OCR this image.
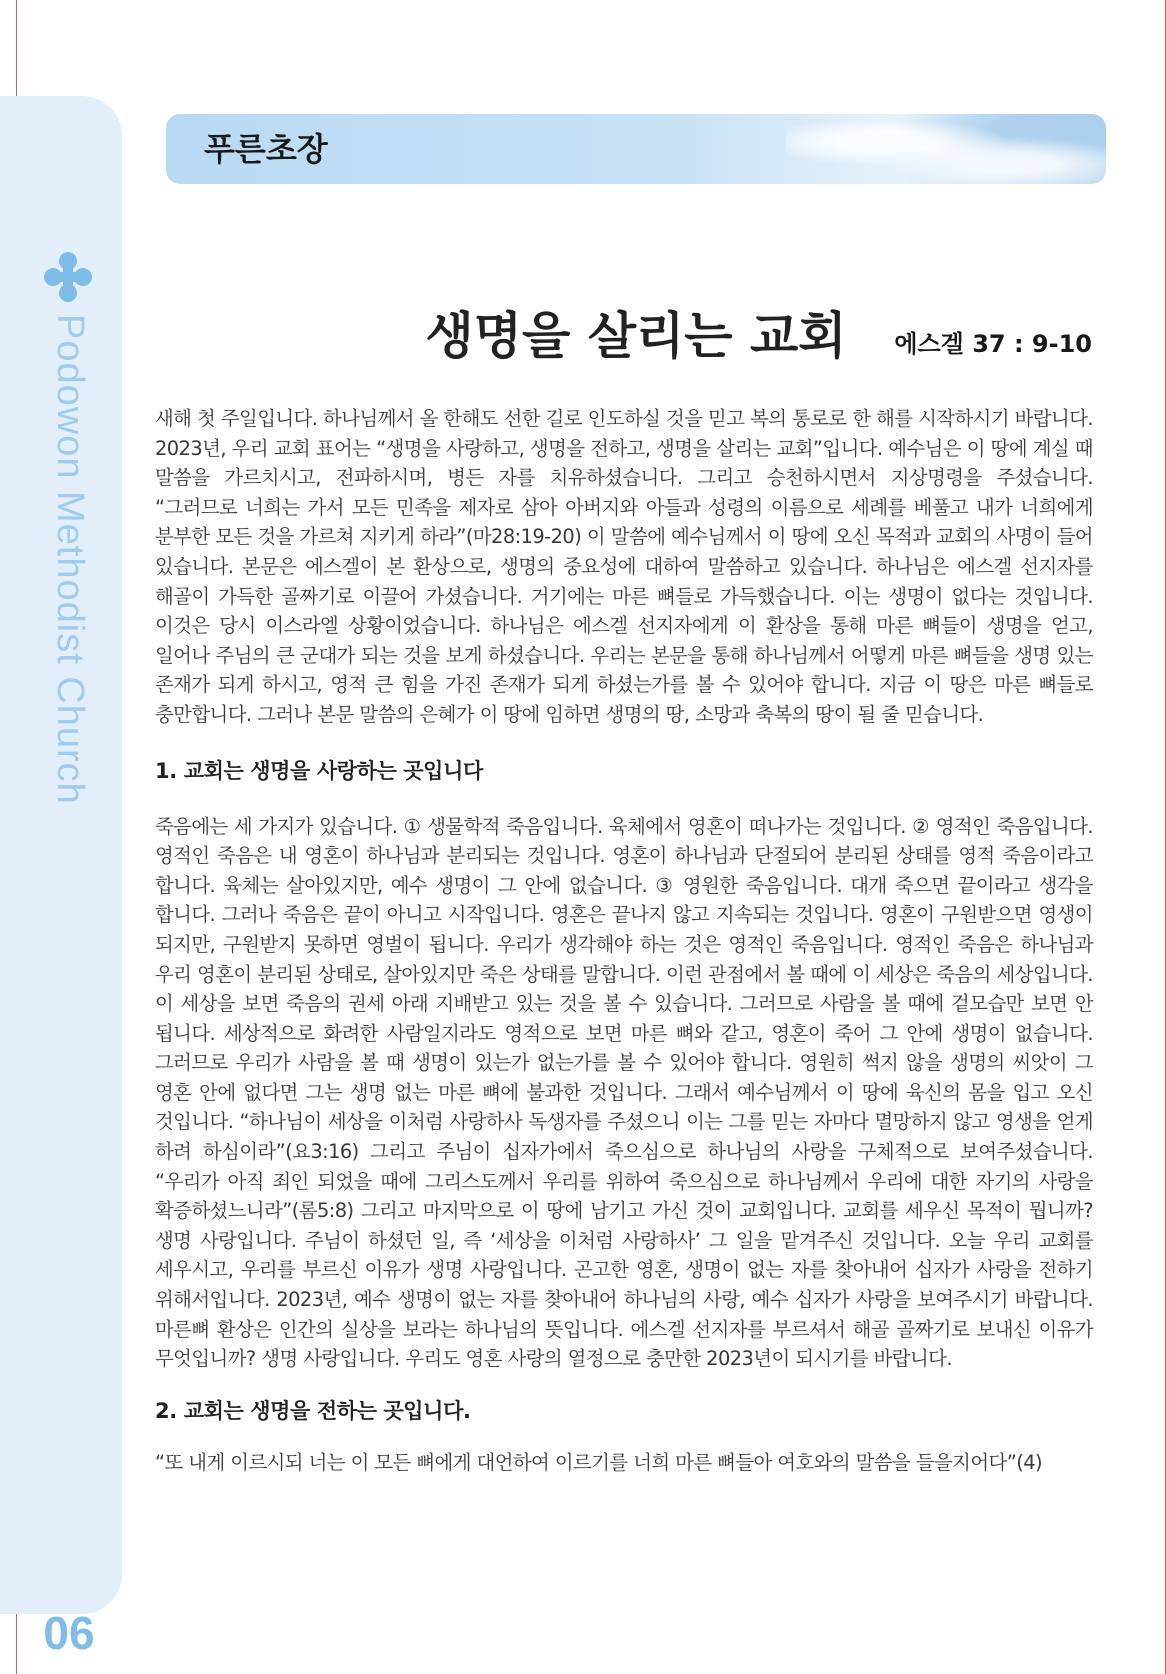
Podowon Methodist Church
06
푸른초장
생명을 살리는 교회	에스겔 37 : 9-10

새해 첫 주일입니다. 하나님께서 올 한해도 선한 길로 인도하실 것을 믿고 복의 통로로 한 해를 시작하시기 바랍니다. 2023년, 우리 교회 표어는 “생명을 사랑하고, 생명을 전하고, 생명을 살리는 교회”입니다. 예수님은 이 땅에 계실 때 말씀을 가르치시고, 전파하시며, 병든 자를 치유하셨습니다. 그리고 승천하시면서 지상명령을 주셨습니다. “그러므로 너희는 가서 모든 민족을 제자로 삼아 아버지와 아들과 성령의 이름으로 세례를 베풀고 내가 너희에게 분부한 모든 것을 가르쳐 지키게 하라”(마28:19-20) 이 말씀에 예수님께서 이 땅에 오신 목적과 교회의 사명이 들어 있습니다. 본문은 에스겔이 본 환상으로, 생명의 중요성에 대하여 말씀하고 있습니다. 하나님은 에스겔 선지자를 해골이 가득한 골짜기로 이끌어 가셨습니다. 거기에는 마른 뼈들로 가득했습니다. 이는 생명이 없다는 것입니다. 이것은 당시 이스라엘 상황이었습니다. 하나님은 에스겔 선지자에게 이 환상을 통해 마른 뼈들이 생명을 얻고, 일어나 주님의 큰 군대가 되는 것을 보게 하셨습니다. 우리는 본문을 통해 하나님께서 어떻게 마른 뼈들을 생명 있는 존재가 되게 하시고, 영적 큰 힘을 가진 존재가 되게 하셨는가를 볼 수 있어야 합니다. 지금 이 땅은 마른 뼈들로 충만합니다. 그러나 본문 말씀의 은혜가 이 땅에 임하면 생명의 땅, 소망과 축복의 땅이 될 줄 믿습니다.

1. 교회는 생명을 사랑하는 곳입니다

죽음에는 세 가지가 있습니다. ① 생물학적 죽음입니다. 육체에서 영혼이 떠나가는 것입니다. ② 영적인 죽음입니다. 영적인 죽음은 내 영혼이 하나님과 분리되는 것입니다. 영혼이 하나님과 단절되어 분리된 상태를 영적 죽음이라고 합니다. 육체는 살아있지만, 예수 생명이 그 안에 없습니다. ③ 영원한 죽음입니다. 대개 죽으면 끝이라고 생각을 합니다. 그러나 죽음은 끝이 아니고 시작입니다. 영혼은 끝나지 않고 지속되는 것입니다. 영혼이 구원받으면 영생이 되지만, 구원받지 못하면 영벌이 됩니다. 우리가 생각해야 하는 것은 영적인 죽음입니다. 영적인 죽음은 하나님과 우리 영혼이 분리된 상태로, 살아있지만 죽은 상태를 말합니다. 이런 관점에서 볼 때에 이 세상은 죽음의 세상입니다. 이 세상을 보면 죽음의 권세 아래 지배받고 있는 것을 볼 수 있습니다. 그러므로 사람을 볼 때에 겉모습만 보면 안 됩니다. 세상적으로 화려한 사람일지라도 영적으로 보면 마른 뼈와 같고, 영혼이 죽어 그 안에 생명이 없습니다. 그러므로 우리가 사람을 볼 때 생명이 있는가 없는가를 볼 수 있어야 합니다. 영원히 썩지 않을 생명의 씨앗이 그 영혼 안에 없다면 그는 생명 없는 마른 뼈에 불과한 것입니다. 그래서 예수님께서 이 땅에 육신의 몸을 입고 오신 것입니다. “하나님이 세상을 이처럼 사랑하사 독생자를 주셨으니 이는 그를 믿는 자마다 멸망하지 않고 영생을 얻게 하려 하심이라”(요3:16) 그리고 주님이 십자가에서 죽으심으로 하나님의 사랑을 구체적으로 보여주셨습니다. “우리가 아직 죄인 되었을 때에 그리스도께서 우리를 위하여 죽으심으로 하나님께서 우리에 대한 자기의 사랑을 확증하셨느니라”(롬5:8) 그리고 마지막으로 이 땅에 남기고 가신 것이 교회입니다. 교회를 세우신 목적이 뭡니까? 생명 사랑입니다. 주님이 하셨던 일, 즉 ‘세상을 이처럼 사랑하사’ 그 일을 맡겨주신 것입니다. 오늘 우리 교회를 세우시고, 우리를 부르신 이유가 생명 사랑입니다. 곤고한 영혼, 생명이 없는 자를 찾아내어 십자가 사랑을 전하기 위해서입니다. 2023년, 예수 생명이 없는 자를 찾아내어 하나님의 사랑, 예수 십자가 사랑을 보여주시기 바랍니다. 마른뼈 환상은 인간의 실상을 보라는 하나님의 뜻입니다. 에스겔 선지자를 부르셔서 해골 골짜기로 보내신 이유가 무엇입니까? 생명 사랑입니다. 우리도 영혼 사랑의 열정으로 충만한 2023년이 되시기를 바랍니다.

2. 교회는 생명을 전하는 곳입니다.

“또 내게 이르시되 너는 이 모든 뼈에게 대언하여 이르기를 너희 마른 뼈들아 여호와의 말씀을 들을지어다”(4)
